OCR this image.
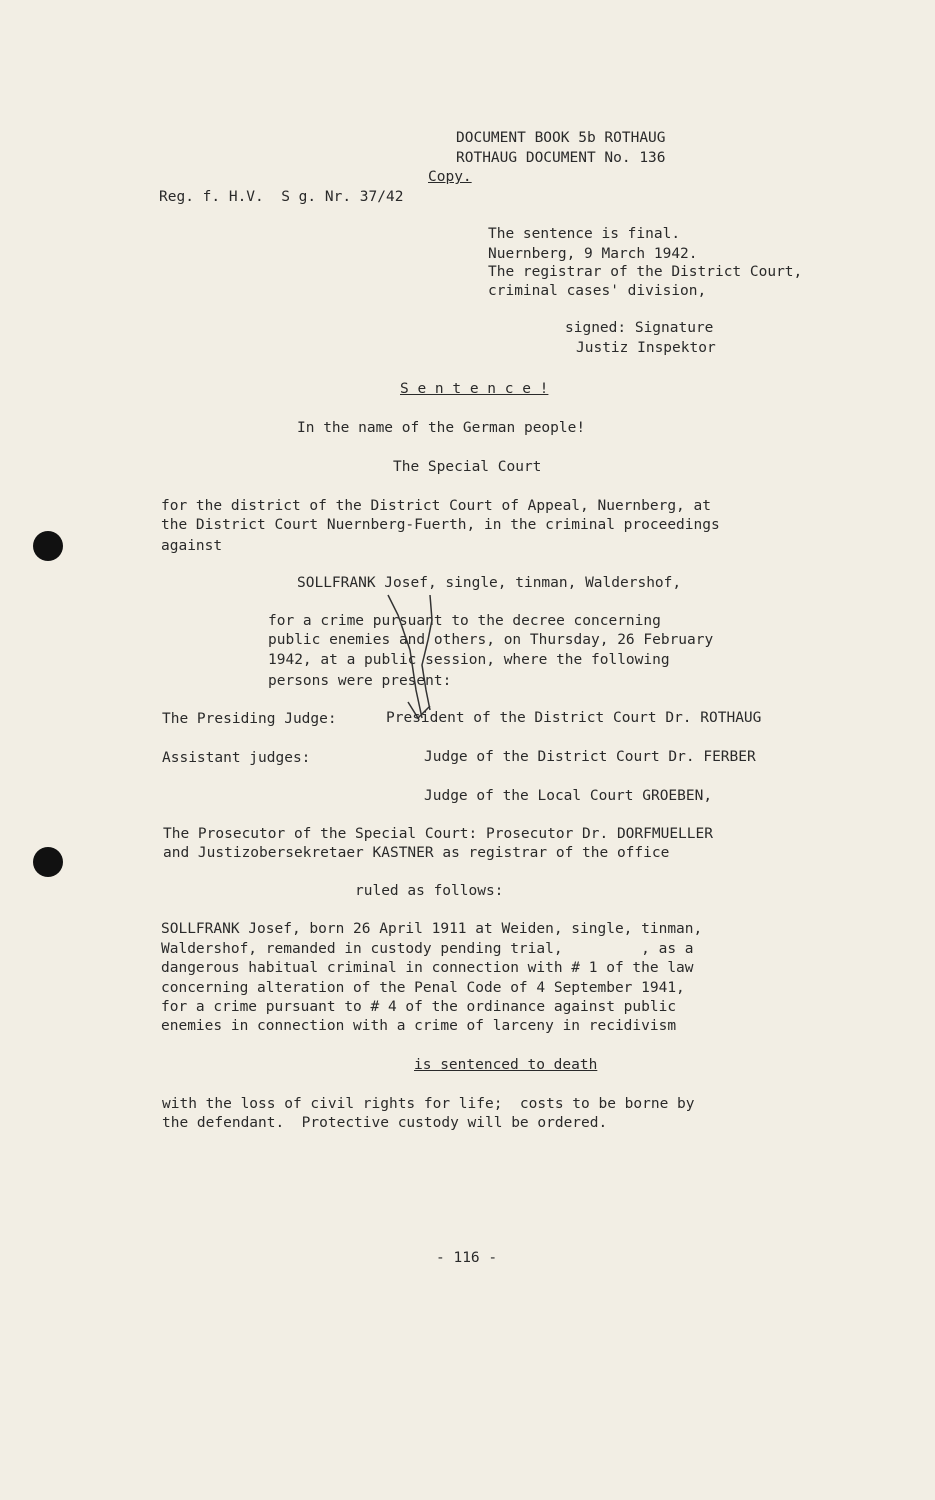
DOCUMENT BOOK 5b ROTHAUG
ROTHAUG DOCUMENT No. 136
Copy.
Reg. f. H.V.  S g. Nr. 37/42
The sentence is final.
Nuernberg, 9 March 1942.
The registrar of the District Court,
criminal cases' division,
signed: Signature
Justiz Inspektor
S e n t e n c e !
In the name of the German people!
The Special Court
for the district of the District Court of Appeal, Nuernberg, at
the District Court Nuernberg-Fuerth, in the criminal proceedings
against
SOLLFRANK Josef, single, tinman, Waldershof,
for a crime pursuant to the decree concerning
public enemies and others, on Thursday, 26 February
1942, at a public session, where the following
persons were present:
The Presiding Judge:	President of the District Court Dr. ROTHAUG
Assistant judges:	Judge of the District Court Dr. FERBER
Judge of the Local Court GROEBEN,
The Prosecutor of the Special Court: Prosecutor Dr. DORFMUELLER
and Justizobersekretaer KASTNER as registrar of the office
ruled as follows:
SOLLFRANK Josef, born 26 April 1911 at Weiden, single, tinman,
Waldershof, remanded in custody pending trial,         , as a
dangerous habitual criminal in connection with # 1 of the law
concerning alteration of the Penal Code of 4 September 1941,
for a crime pursuant to # 4 of the ordinance against public
enemies in connection with a crime of larceny in recidivism
is sentenced to death
with the loss of civil rights for life;  costs to be borne by
the defendant.  Protective custody will be ordered.
- 116 -
